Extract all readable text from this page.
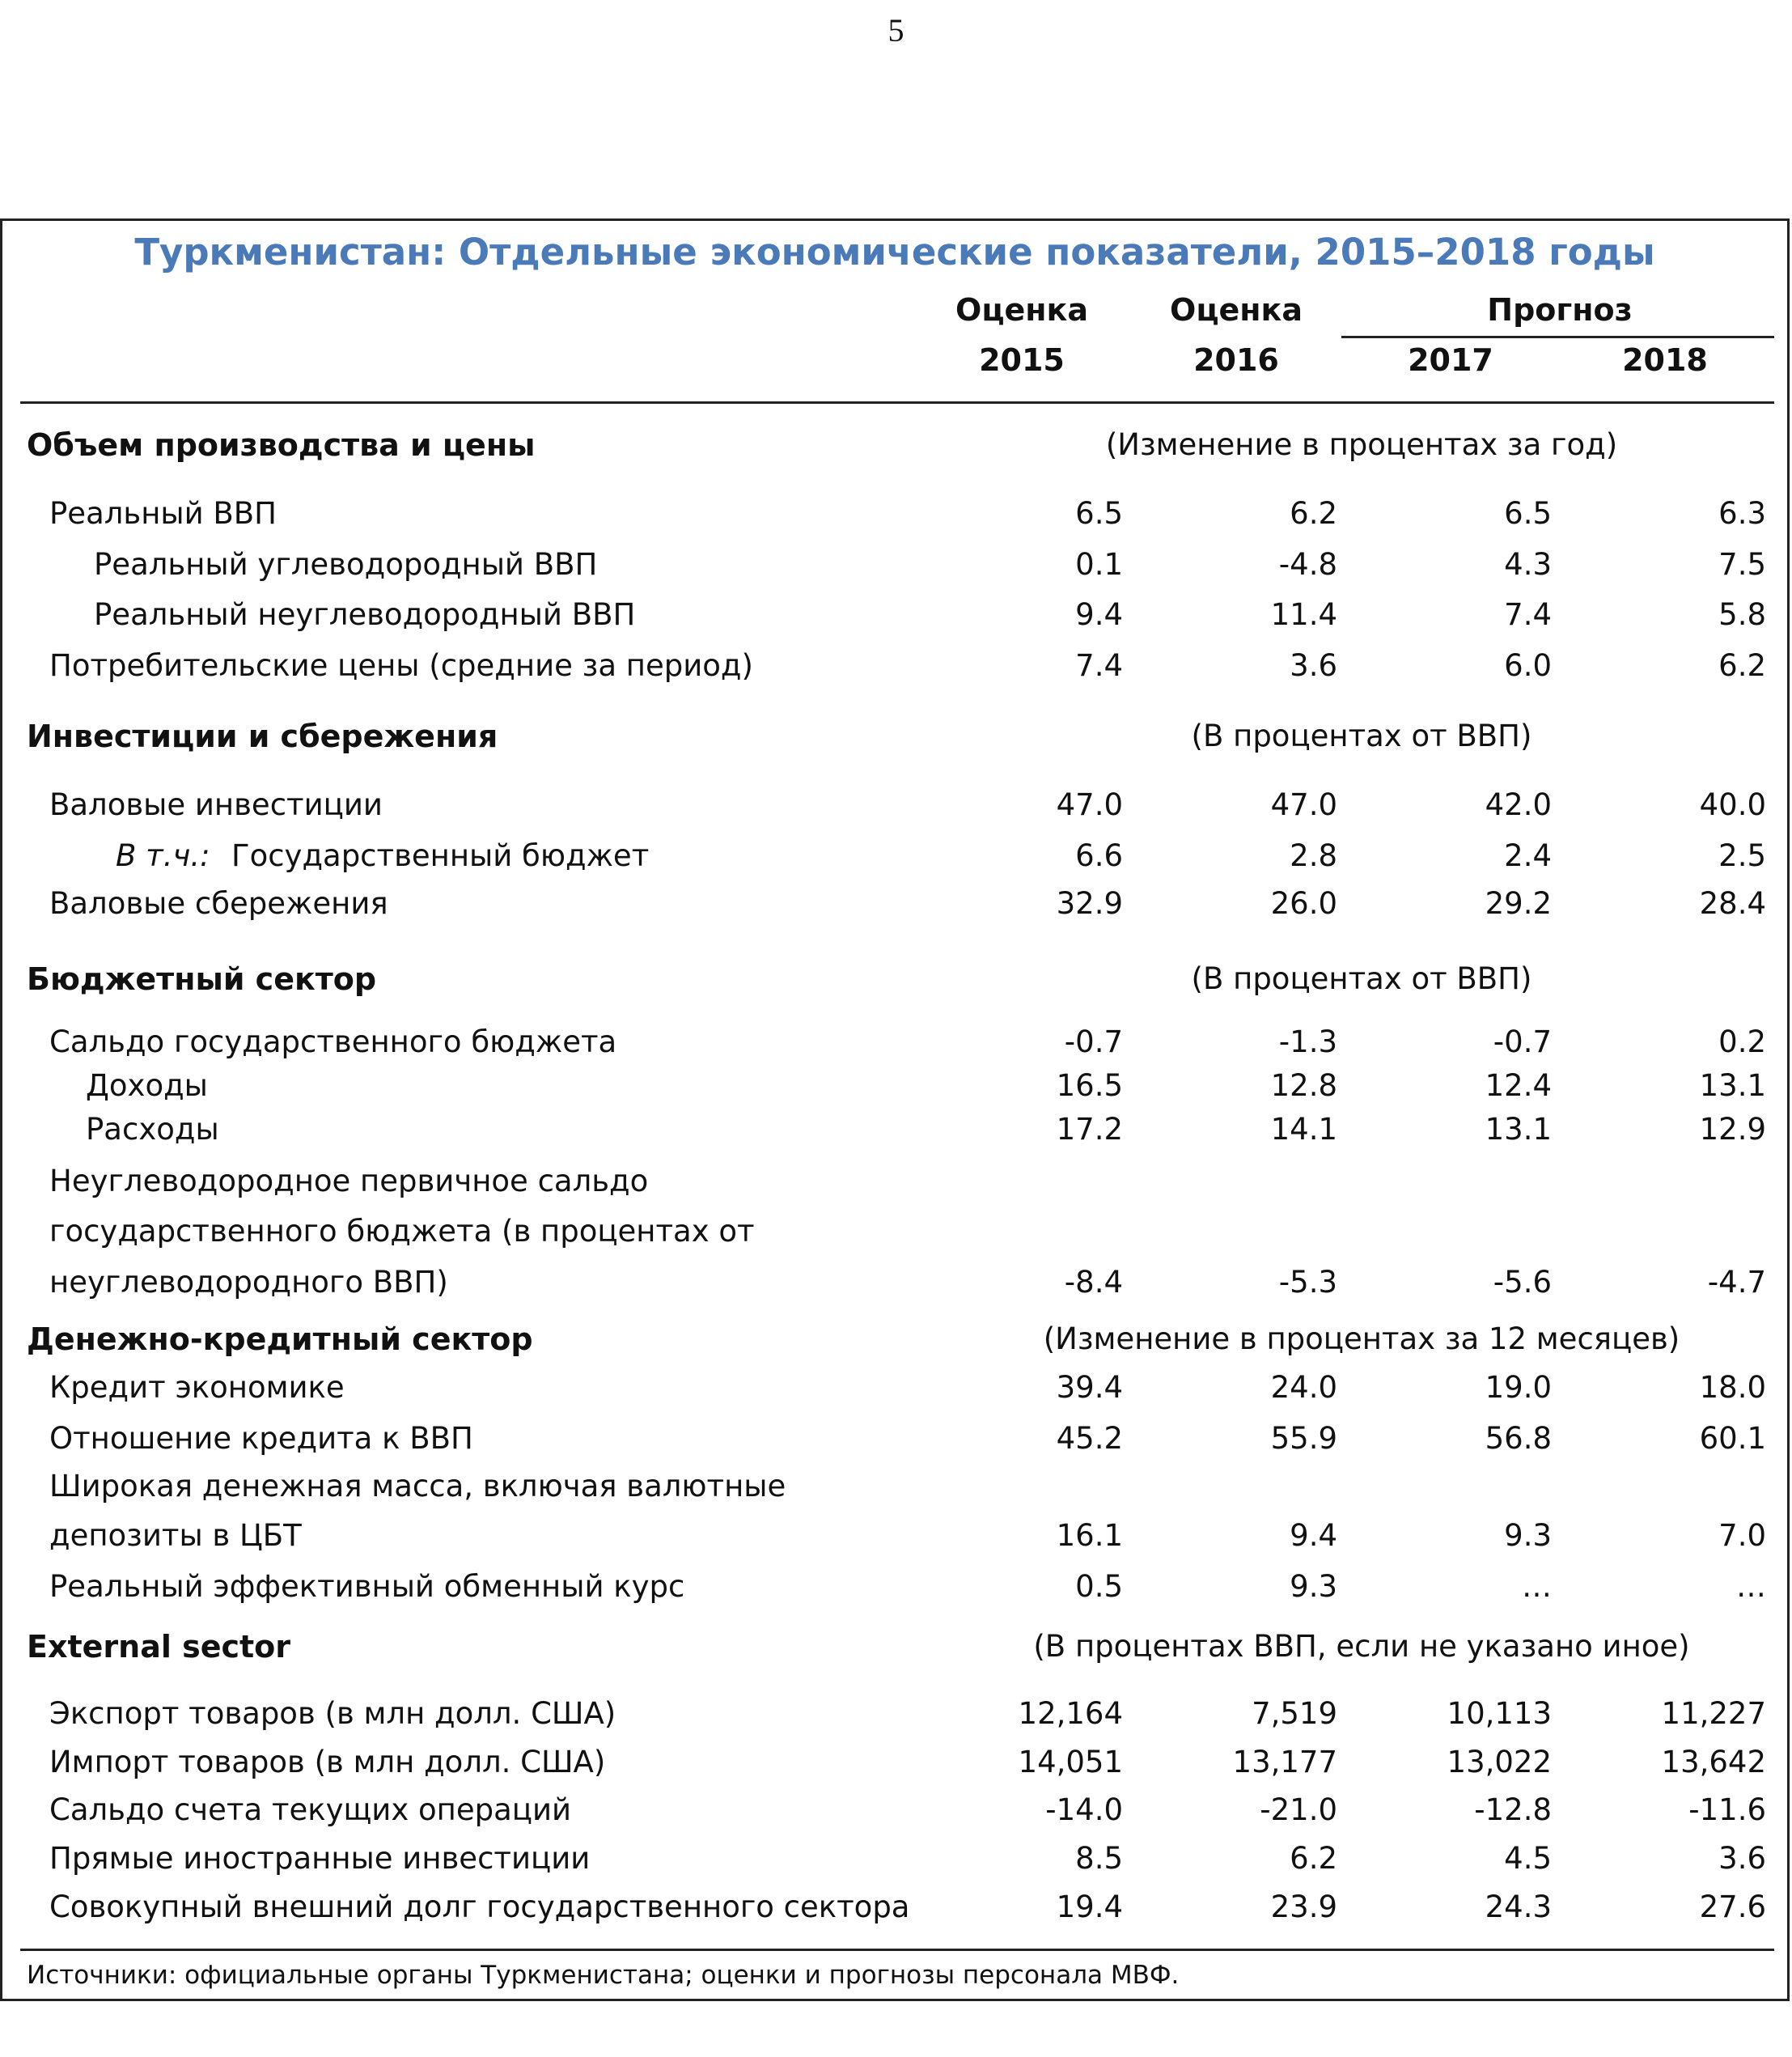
5
Туркменистан: Отдельные экономические показатели, 2015–2018 годы
Оценка	Оценка	Прогноз
2015	2016	2017	2018
Объем производства и цены	(Изменение в процентах за год)
Реальный ВВП	6.5	6.2	6.5	6.3
Реальный углеводородный ВВП	0.1	-4.8	4.3	7.5
Реальный неуглеводородный ВВП	9.4	11.4	7.4	5.8
Потребительские цены (средние за период)	7.4	3.6	6.0	6.2
Инвестиции и сбережения	(В процентах от ВВП)
Валовые инвестиции	47.0	47.0	42.0	40.0
В т.ч.: Государственный бюджет	6.6	2.8	2.4	2.5
Валовые сбережения	32.9	26.0	29.2	28.4
Бюджетный сектор	(В процентах от ВВП)
Сальдо государственного бюджета	-0.7	-1.3	-0.7	0.2
Доходы	16.5	12.8	12.4	13.1
Расходы	17.2	14.1	13.1	12.9
Неуглеводородное первичное сальдо
государственного бюджета (в процентах от
неуглеводородного ВВП)	-8.4	-5.3	-5.6	-4.7
Денежно-кредитный сектор	(Изменение в процентах за 12 месяцев)
Кредит экономике	39.4	24.0	19.0	18.0
Отношение кредита к ВВП	45.2	55.9	56.8	60.1
Широкая денежная масса, включая валютные
депозиты в ЦБТ	16.1	9.4	9.3	7.0
Реальный эффективный обменный курс	0.5	9.3	…	…
External sector	(В процентах ВВП, если не указано иное)
Экспорт товаров (в млн долл. США)	12,164	7,519	10,113	11,227
Импорт товаров (в млн долл. США)	14,051	13,177	13,022	13,642
Сальдо счета текущих операций	-14.0	-21.0	-12.8	-11.6
Прямые иностранные инвестиции	8.5	6.2	4.5	3.6
Совокупный внешний долг государственного сектора	19.4	23.9	24.3	27.6
Источники: официальные органы Туркменистана; оценки и прогнозы персонала МВФ.
